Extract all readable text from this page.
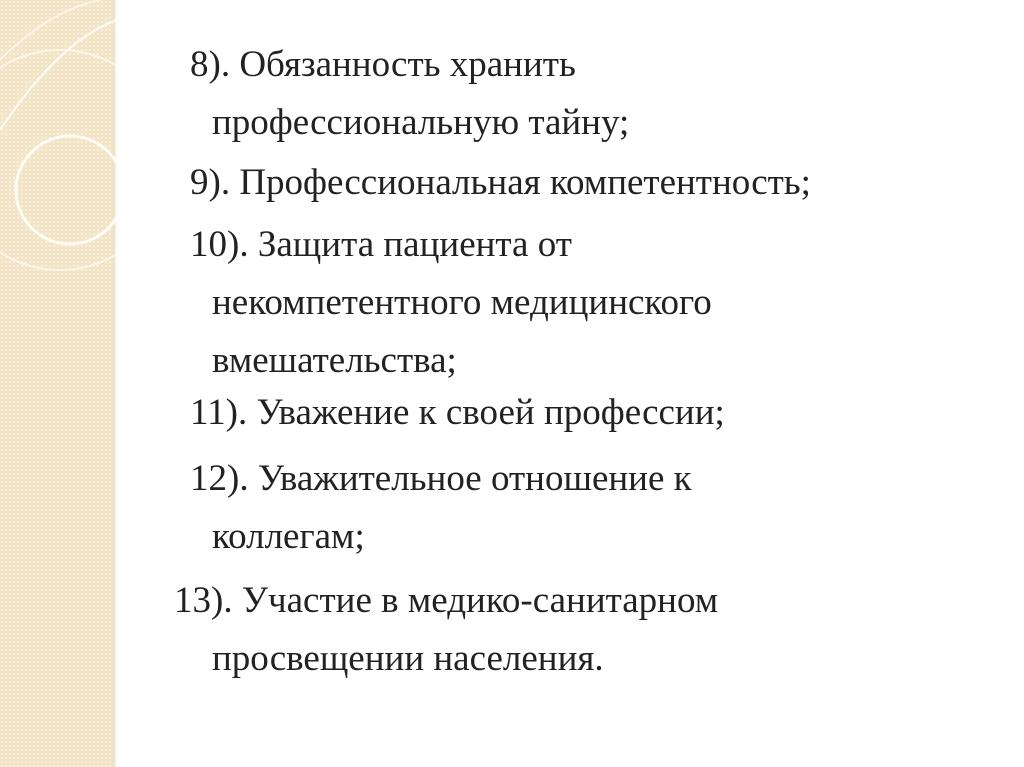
8). Обязанность хранить
профессиональную тайну;

9). Профессиональная компетентность;

10). Защита пациента от
некомпетентного медицинского
вмешательства;

11). Уважение к своей профессии;

12). Уважительное отношение к
коллегам;

13). Участие в медико-санитарном
просвещении населения.
